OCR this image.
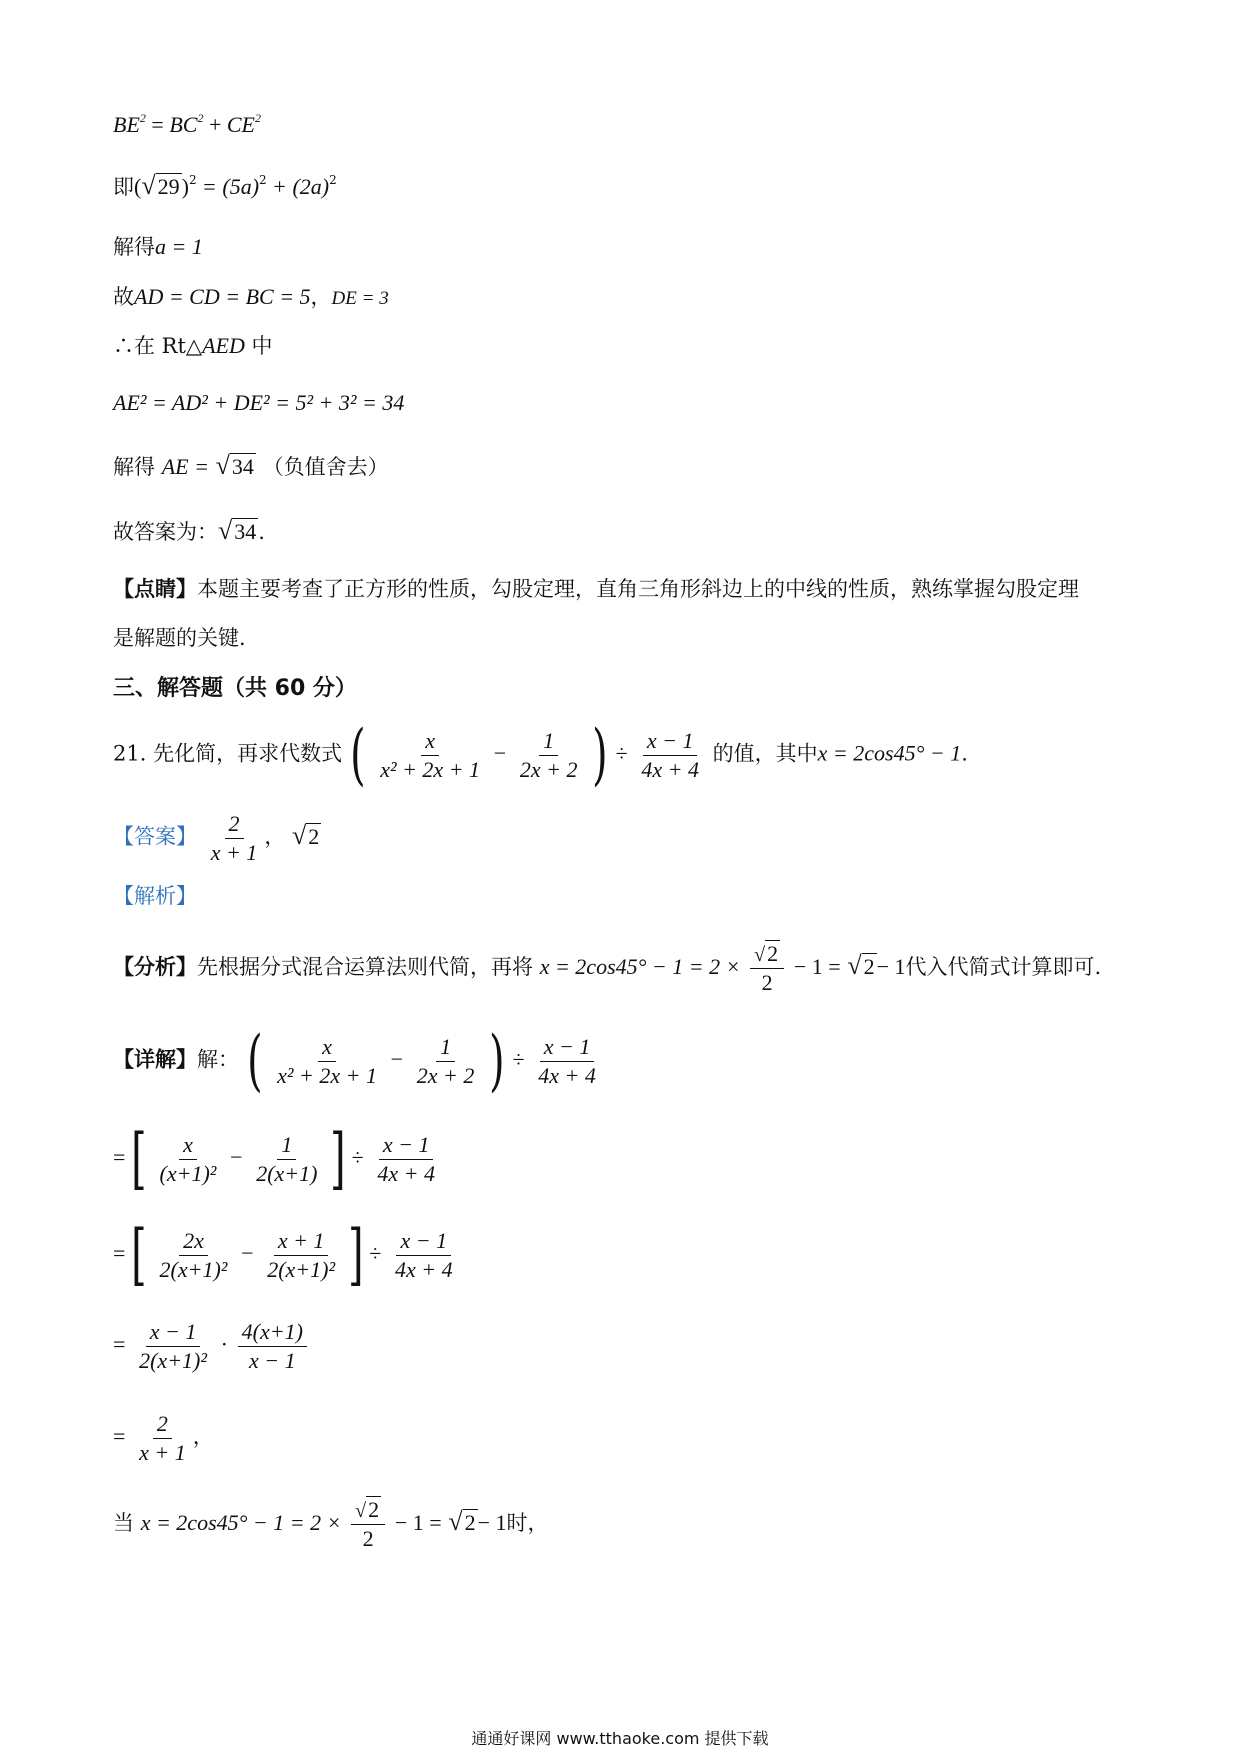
$BE^2 = BC^2 + CE^2$
即$(√29)^2 = (5a)^2 + (2a)^2$
解得a = 1
故AD = CD = BC = 5，DE = 3
∴在 Rt△AED 中
AE² = AD² + DE² = 5² + 3² = 34
解得 AE = √34 （负值舍去）
故答案为：√34.
【点睛】本题主要考查了正方形的性质，勾股定理，直角三角形斜边上的中线的性质，熟练掌握勾股定理
是解题的关键.
三、解答题（共 60 分）
21. 先化简，再求代数式 ( $\frac{x}{\text{x² + 2x + 1}} - \frac{1}{2x + 2}$ ) ÷ $\frac{x - 1}{4x + 4}$ 的值，其中x = 2cos45° − 1.
【答案】 $\frac{2}{x + 1}$ ， √2
【解析】
【分析】先根据分式混合运算法则代简，再将 $x = 2\cos 45^\circ - 1 = 2 \times \frac{√2}{2} - 1 = √2- 1$代入代简式计算即可.
【详解】解： ( $\frac{x}{\text{x² + 2x + 1}} - \frac{1}{2x + 2}$ ) ÷ $\frac{x - 1}{4x + 4}$
= [ $\frac{x}{\text{(x+1)²}} - \frac{1}{2(x+1)}$ ] ÷ $\frac{x - 1}{4x + 4}$
= [ $\frac{2x}{\text{2(x+1)²}} - \frac{x + 1}{\text{2(x+1)²}}$ ] ÷ $\frac{x - 1}{4x + 4}$
= $\frac{x - 1}{\text{2(x+1)²}} \cdot \frac{4(x+1)}{x - 1}$
= $\frac{2}{x + 1}$ ，
当 $x = 2\cos 45^\circ - 1 = 2 \times \frac{√2}{2} - 1 = √2- 1$时，
通通好课网 www.tthaoke.com 提供下载
